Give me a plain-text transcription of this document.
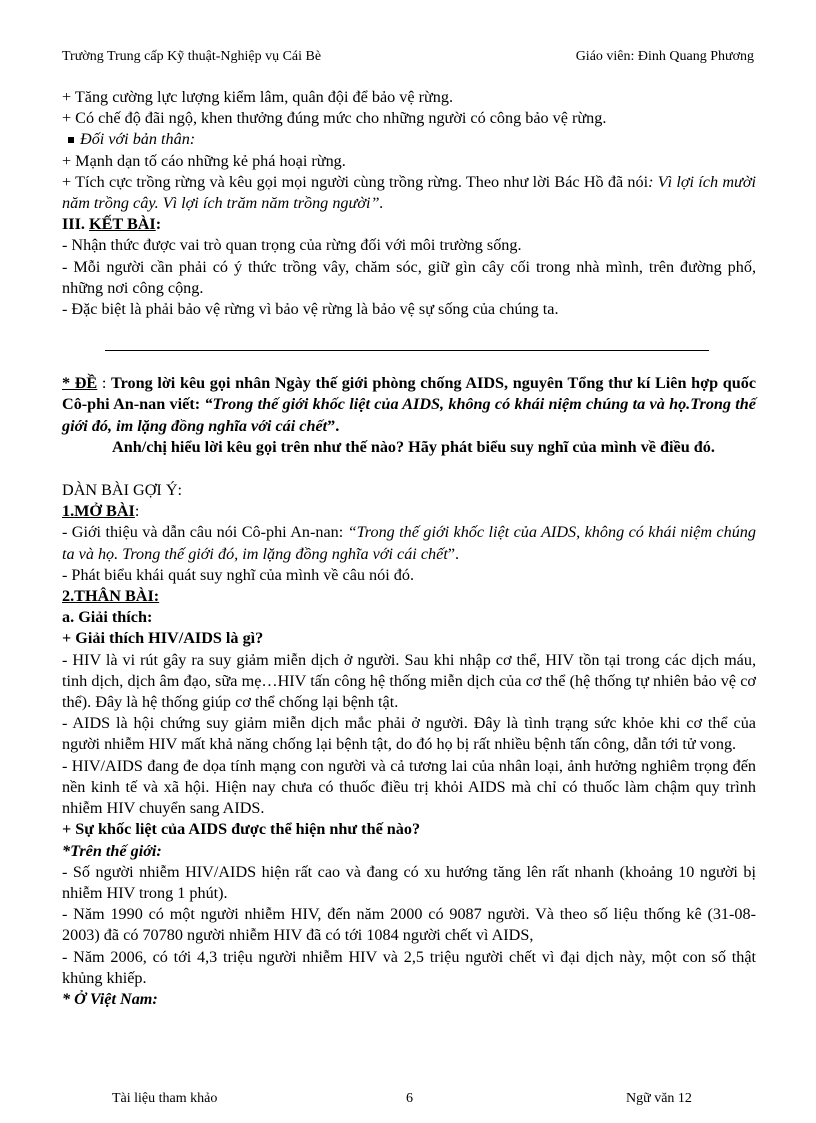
Trường Trung cấp Kỹ thuật-Nghiệp vụ Cái Bè	Giáo viên: Đinh Quang Phương

+ Tăng cường lực lượng kiểm lâm, quân đội để bảo vệ rừng.

+ Có chế độ đãi ngộ, khen thưởng đúng mức cho những người có công bảo vệ rừng.

Đối với bản thân:

+ Mạnh dạn tố cáo những kẻ phá hoại rừng.

+ Tích cực trồng rừng và kêu gọi mọi người cùng trồng rừng. Theo như lời Bác Hồ đã nói: Vì lợi ích mười năm trồng cây. Vì lợi ích trăm năm trồng người”.

III. KẾT BÀI:

- Nhận thức được vai trò quan trọng của rừng đối với môi trường sống.

- Mỗi người cần phải có ý thức trồng vây, chăm sóc, giữ gìn cây cối trong nhà mình, trên đường phố, những nơi công cộng.

- Đặc biệt là phải bảo vệ rừng vì bảo vệ rừng là bảo vệ sự sống của chúng ta.

* ĐỀ : Trong lời kêu gọi nhân Ngày thế giới phòng chống AIDS, nguyên Tổng thư kí Liên hợp quốc Cô-phi An-nan viết: “Trong thế giới khốc liệt của AIDS, không có khái niệm chúng ta và họ.Trong thế giới đó, im lặng đồng nghĩa với cái chết”.

Anh/chị hiểu lời kêu gọi trên như thế nào? Hãy phát biểu suy nghĩ của mình về điều đó.

DÀN BÀI GỢI Ý:

1.MỞ BÀI:

- Giới thiệu và dẫn câu nói Cô-phi An-nan: “Trong thế giới khốc liệt của AIDS, không có khái niệm chúng ta và họ. Trong thế giới đó, im lặng đồng nghĩa với cái chết”.

- Phát biểu khái quát suy nghĩ của mình về câu nói đó.

2.THÂN BÀI:

a. Giải thích:

+ Giải thích HIV/AIDS là gì?

- HIV là vi rút gây ra suy giảm miễn dịch ở người. Sau khi nhập cơ thể, HIV tồn tại trong các dịch máu, tinh dịch, dịch âm đạo, sữa mẹ…HIV tấn công hệ thống miễn dịch của cơ thể (hệ thống tự nhiên bảo vệ cơ thể). Đây là hệ thống giúp cơ thể chống lại bệnh tật.

- AIDS là hội chứng suy giảm miễn dịch mắc phải ở người. Đây là tình trạng sức khỏe khi cơ thể của người nhiễm HIV mất khả năng chống lại bệnh tật, do đó họ bị rất nhiều bệnh tấn công, dẫn tới tử vong.

- HIV/AIDS đang đe dọa tính mạng con người và cả tương lai của nhân loại, ảnh hưởng nghiêm trọng đến nền kinh tế và xã hội. Hiện nay chưa có thuốc điều trị khỏi AIDS mà chỉ có thuốc làm chậm quy trình nhiễm HIV chuyển sang AIDS.

+ Sự khốc liệt của AIDS được thể hiện như thế nào?

*Trên thế giới:

- Số người nhiễm HIV/AIDS hiện rất cao và đang có xu hướng tăng lên rất nhanh (khoảng 10 người bị nhiễm HIV trong 1 phút).

- Năm 1990 có một người nhiễm HIV, đến năm 2000 có 9087 người. Và theo số liệu thống kê (31-08-2003) đã có 70780 người nhiễm HIV đã có tới 1084 người chết vì AIDS,

- Năm 2006, có tới 4,3 triệu người nhiễm HIV và 2,5 triệu người chết vì đại dịch này, một con số thật khủng khiếp.

* Ở Việt Nam:

Tài liệu tham khảo	6	Ngữ văn 12
